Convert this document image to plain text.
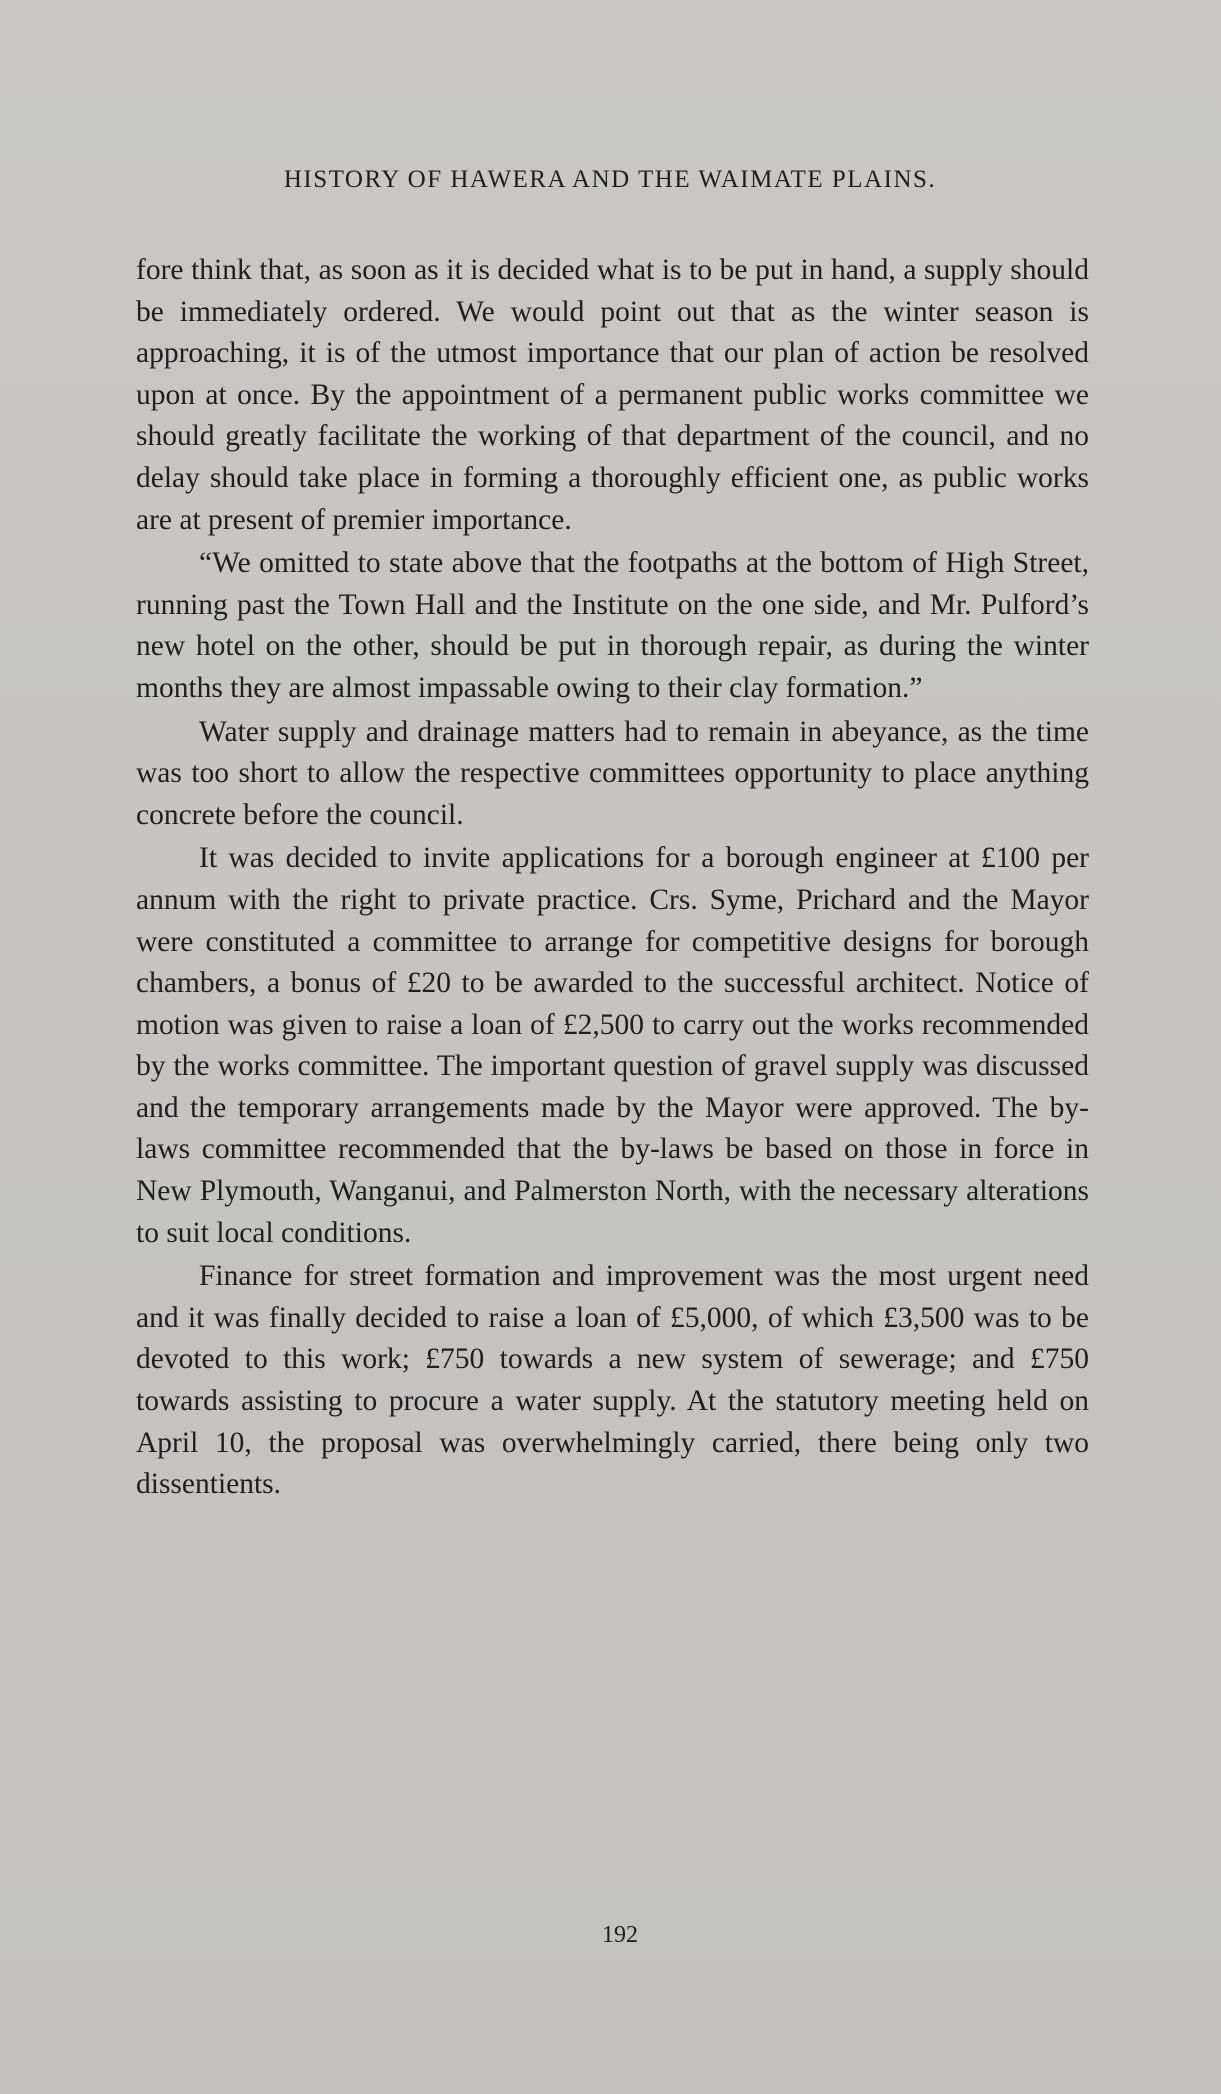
HISTORY OF HAWERA AND THE WAIMATE PLAINS.

fore think that, as soon as it is decided what is to be put in hand, a supply should be immediately ordered. We would point out that as the winter season is approaching, it is of the utmost importance that our plan of action be resolved upon at once. By the appointment of a permanent public works committee we should greatly facilitate the working of that department of the council, and no delay should take place in forming a thoroughly efficient one, as public works are at present of premier importance.

“We omitted to state above that the footpaths at the bottom of High Street, running past the Town Hall and the Institute on the one side, and Mr. Pulford’s new hotel on the other, should be put in thorough repair, as during the winter months they are almost impassable owing to their clay formation.”

Water supply and drainage matters had to remain in abeyance, as the time was too short to allow the respective committees opportunity to place anything concrete before the council.

It was decided to invite applications for a borough engineer at £100 per annum with the right to private practice. Crs. Syme, Prichard and the Mayor were constituted a committee to arrange for competitive designs for borough chambers, a bonus of £20 to be awarded to the successful architect. Notice of motion was given to raise a loan of £2,500 to carry out the works recommended by the works committee. The important question of gravel supply was discussed and the temporary arrangements made by the Mayor were approved. The by-laws committee recommended that the by-laws be based on those in force in New Plymouth, Wanganui, and Palmerston North, with the necessary alterations to suit local conditions.

Finance for street formation and improvement was the most urgent need and it was finally decided to raise a loan of £5,000, of which £3,500 was to be devoted to this work; £750 towards a new system of sewerage; and £750 towards assisting to procure a water supply. At the statutory meeting held on April 10, the proposal was overwhelmingly carried, there being only two dissentients.

192
